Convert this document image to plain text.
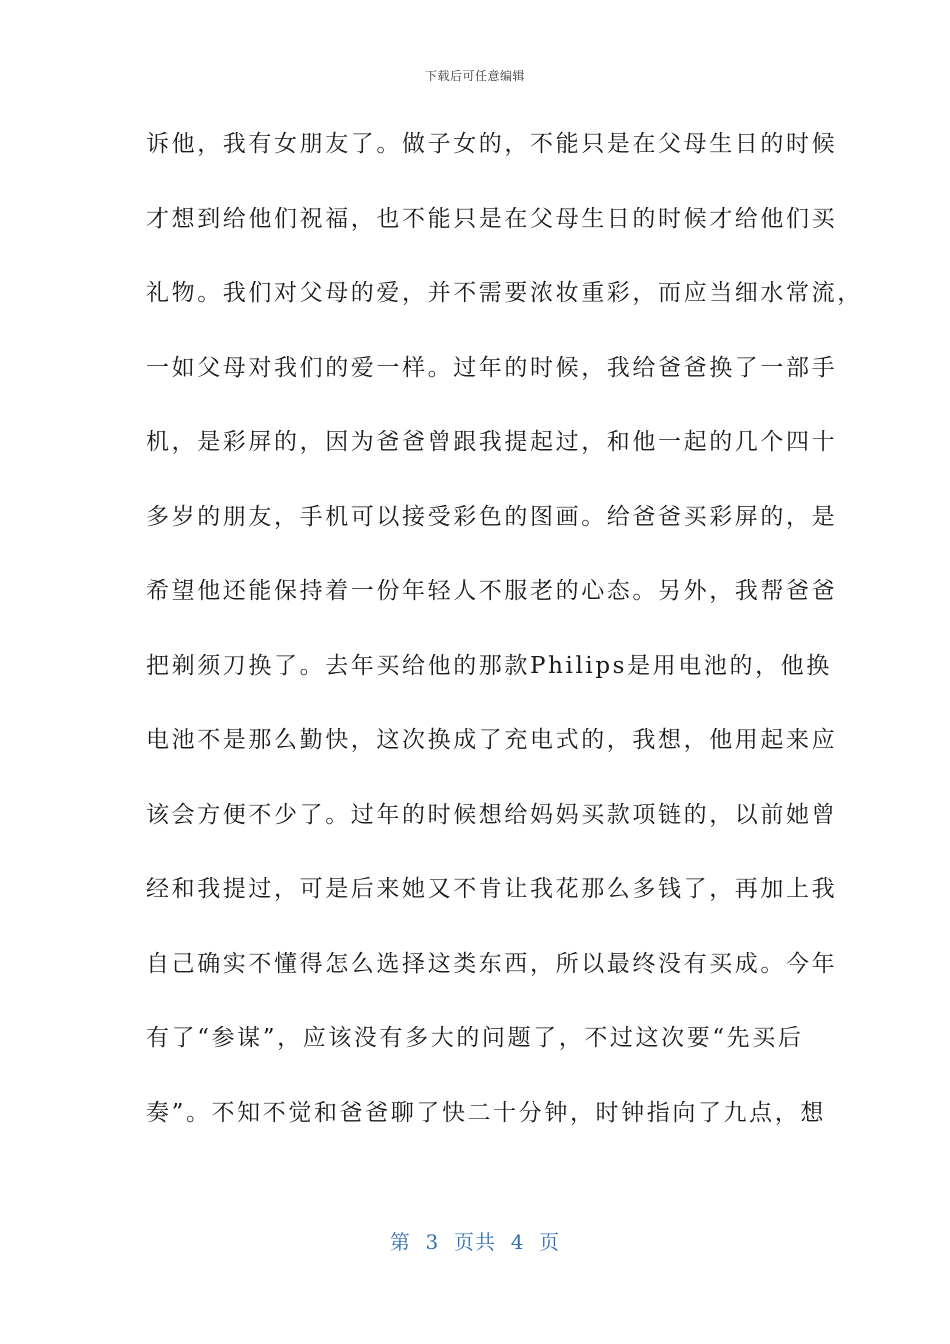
下载后可任意编辑
诉他，我有女朋友了。做子女的，不能只是在父母生日的时候
才想到给他们祝福，也不能只是在父母生日的时候才给他们买
礼物。我们对父母的爱，并不需要浓妆重彩，而应当细水常流，
一如父母对我们的爱一样。过年的时候，我给爸爸换了一部手
机，是彩屏的，因为爸爸曾跟我提起过，和他一起的几个四十
多岁的朋友，手机可以接受彩色的图画。给爸爸买彩屏的，是
希望他还能保持着一份年轻人不服老的心态。另外，我帮爸爸
把剃须刀换了。去年买给他的那款Philips是用电池的，他换
电池不是那么勤快，这次换成了充电式的，我想，他用起来应
该会方便不少了。过年的时候想给妈妈买款项链的，以前她曾
经和我提过，可是后来她又不肯让我花那么多钱了，再加上我
自己确实不懂得怎么选择这类东西，所以最终没有买成。今年
有了“参谋”，应该没有多大的问题了，不过这次要“先买后
奏”。不知不觉和爸爸聊了快二十分钟，时钟指向了九点，想
第  3  页共  4  页
